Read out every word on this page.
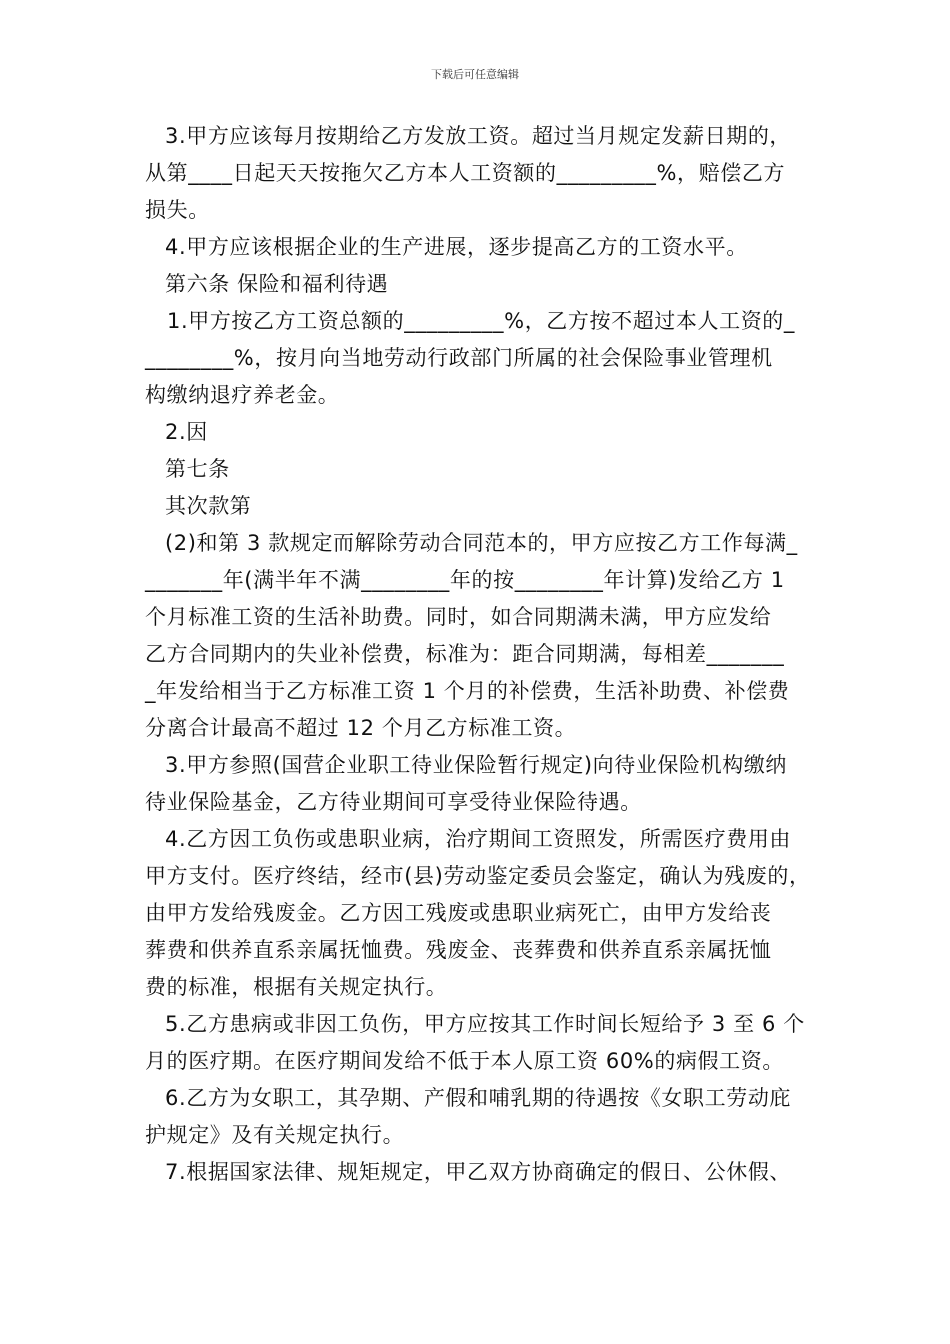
下载后可任意编辑
3.甲方应该每月按期给乙方发放工资。超过当月规定发薪日期的，
从第____日起天天按拖欠乙方本人工资额的_________%，赔偿乙方
损失。
4.甲方应该根据企业的生产进展，逐步提高乙方的工资水平。
第六条 保险和福利待遇
1.甲方按乙方工资总额的_________%，乙方按不超过本人工资的_
________%，按月向当地劳动行政部门所属的社会保险事业管理机
构缴纳退疗养老金。
2.因
第七条
其次款第
(2)和第 3 款规定而解除劳动合同范本的，甲方应按乙方工作每满_
_______年(满半年不满________年的按________年计算)发给乙方 1
个月标准工资的生活补助费。同时，如合同期满未满，甲方应发给
乙方合同期内的失业补偿费，标准为：距合同期满，每相差_______
_年发给相当于乙方标准工资 1 个月的补偿费，生活补助费、补偿费
分离合计最高不超过 12 个月乙方标准工资。
3.甲方参照(国营企业职工待业保险暂行规定)向待业保险机构缴纳
待业保险基金，乙方待业期间可享受待业保险待遇。
4.乙方因工负伤或患职业病，治疗期间工资照发，所需医疗费用由
甲方支付。医疗终结，经市(县)劳动鉴定委员会鉴定，确认为残废的，
由甲方发给残废金。乙方因工残废或患职业病死亡，由甲方发给丧
葬费和供养直系亲属抚恤费。残废金、丧葬费和供养直系亲属抚恤
费的标准，根据有关规定执行。
5.乙方患病或非因工负伤，甲方应按其工作时间长短给予 3 至 6 个
月的医疗期。在医疗期间发给不低于本人原工资 60%的病假工资。
6.乙方为女职工，其孕期、产假和哺乳期的待遇按《女职工劳动庇
护规定》及有关规定执行。
7.根据国家法律、规矩规定，甲乙双方协商确定的假日、公休假、
